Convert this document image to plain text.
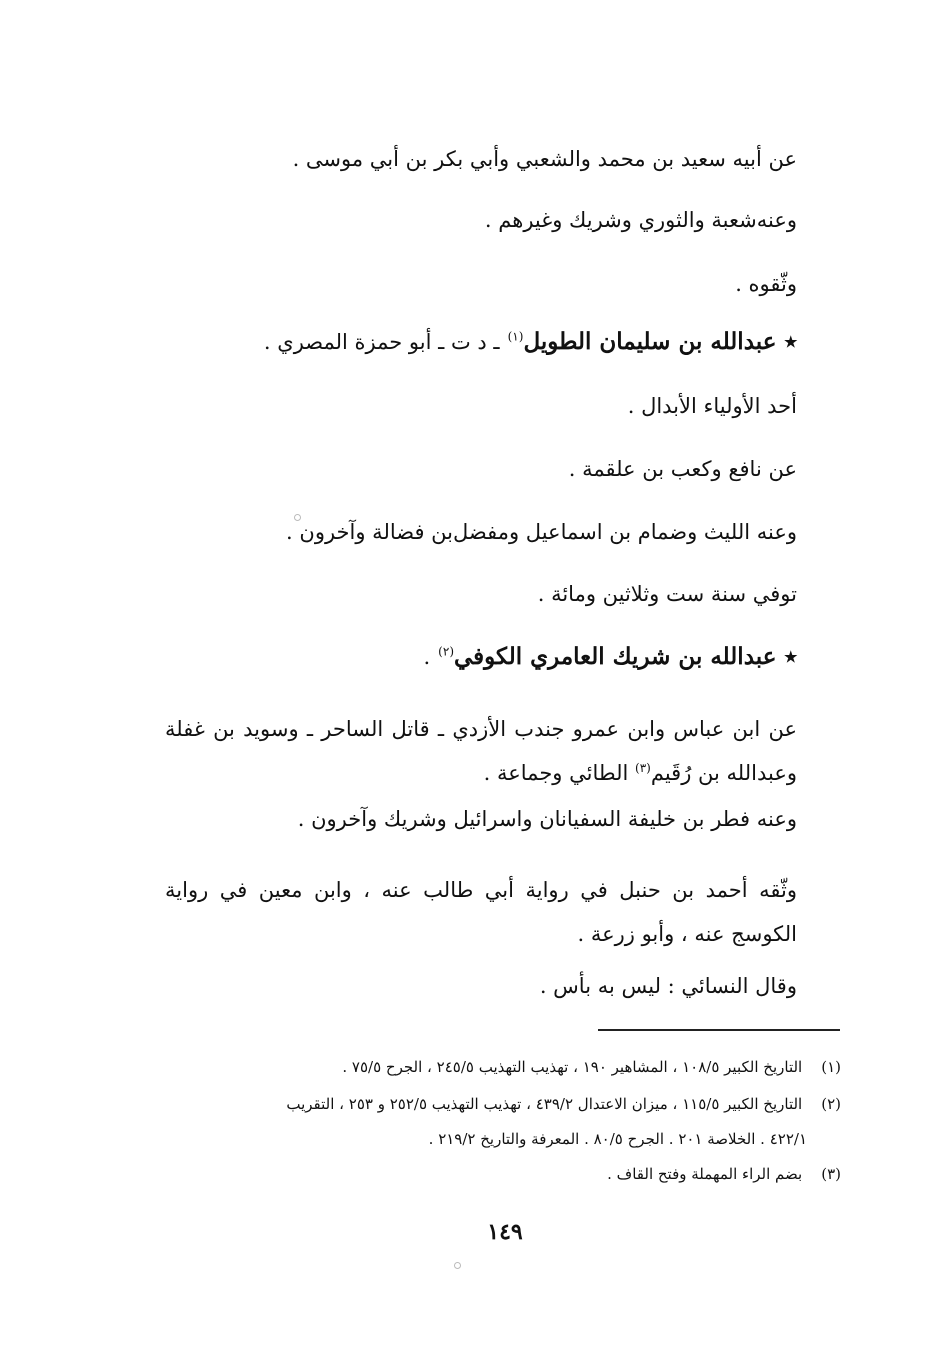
عن أبيه سعيد بن محمد والشعبي وأبي بكر بن أبي موسى .
وعنه‌شعبة والثوري وشريك وغيرهم .
وثّقوه .
٭ عبدالله بن سليمان الطويل$^{(١)}$ ـ د ت ـ أبو حمزة المصري .
أحد الأولياء الأبدال .
عن نافع وكعب بن علقمة .
وعنه الليث وضمام بن اسماعيل ومفضل‌بن فضالة وآخرون .
توفي سنة ست وثلاثين ومائة .
٭ عبدالله بن شريك العامري الكوفي$^{(٢)}$ .
عن ابن عباس وابن عمرو جندب الأزدي ـ قاتل الساحر ـ وسويد بن غفلة وعبدالله بن رُقَيم$^{(٣)}$ الطائي وجماعة .
وعنه فطر بن خليفة السفيانان واسرائيل وشريك وآخرون .
وثّقه أحمد بن حنبل في رواية أبي طالب عنه ، وابن معين في رواية الكوسج عنه ، وأبو زرعة .
وقال النسائي : ليس به بأس .
(١) التاريخ الكبير ١٠٨/٥ ، المشاهير ١٩٠ ، تهذيب التهذيب ٢٤٥/٥ ، الجرح ٧٥/٥ .
(٢) التاريخ الكبير ١١٥/٥ ، ميزان الاعتدال ٤٣٩/٢ ، تهذيب التهذيب ٢٥٢/٥ و ٢٥٣ ، التقريب
٤٢٢/١ . الخلاصة ٢٠١ . الجرح ٨٠/٥ . المعرفة والتاريخ ٢١٩/٢ .
(٣) بضم الراء المهملة وفتح القاف .
١٤٩
